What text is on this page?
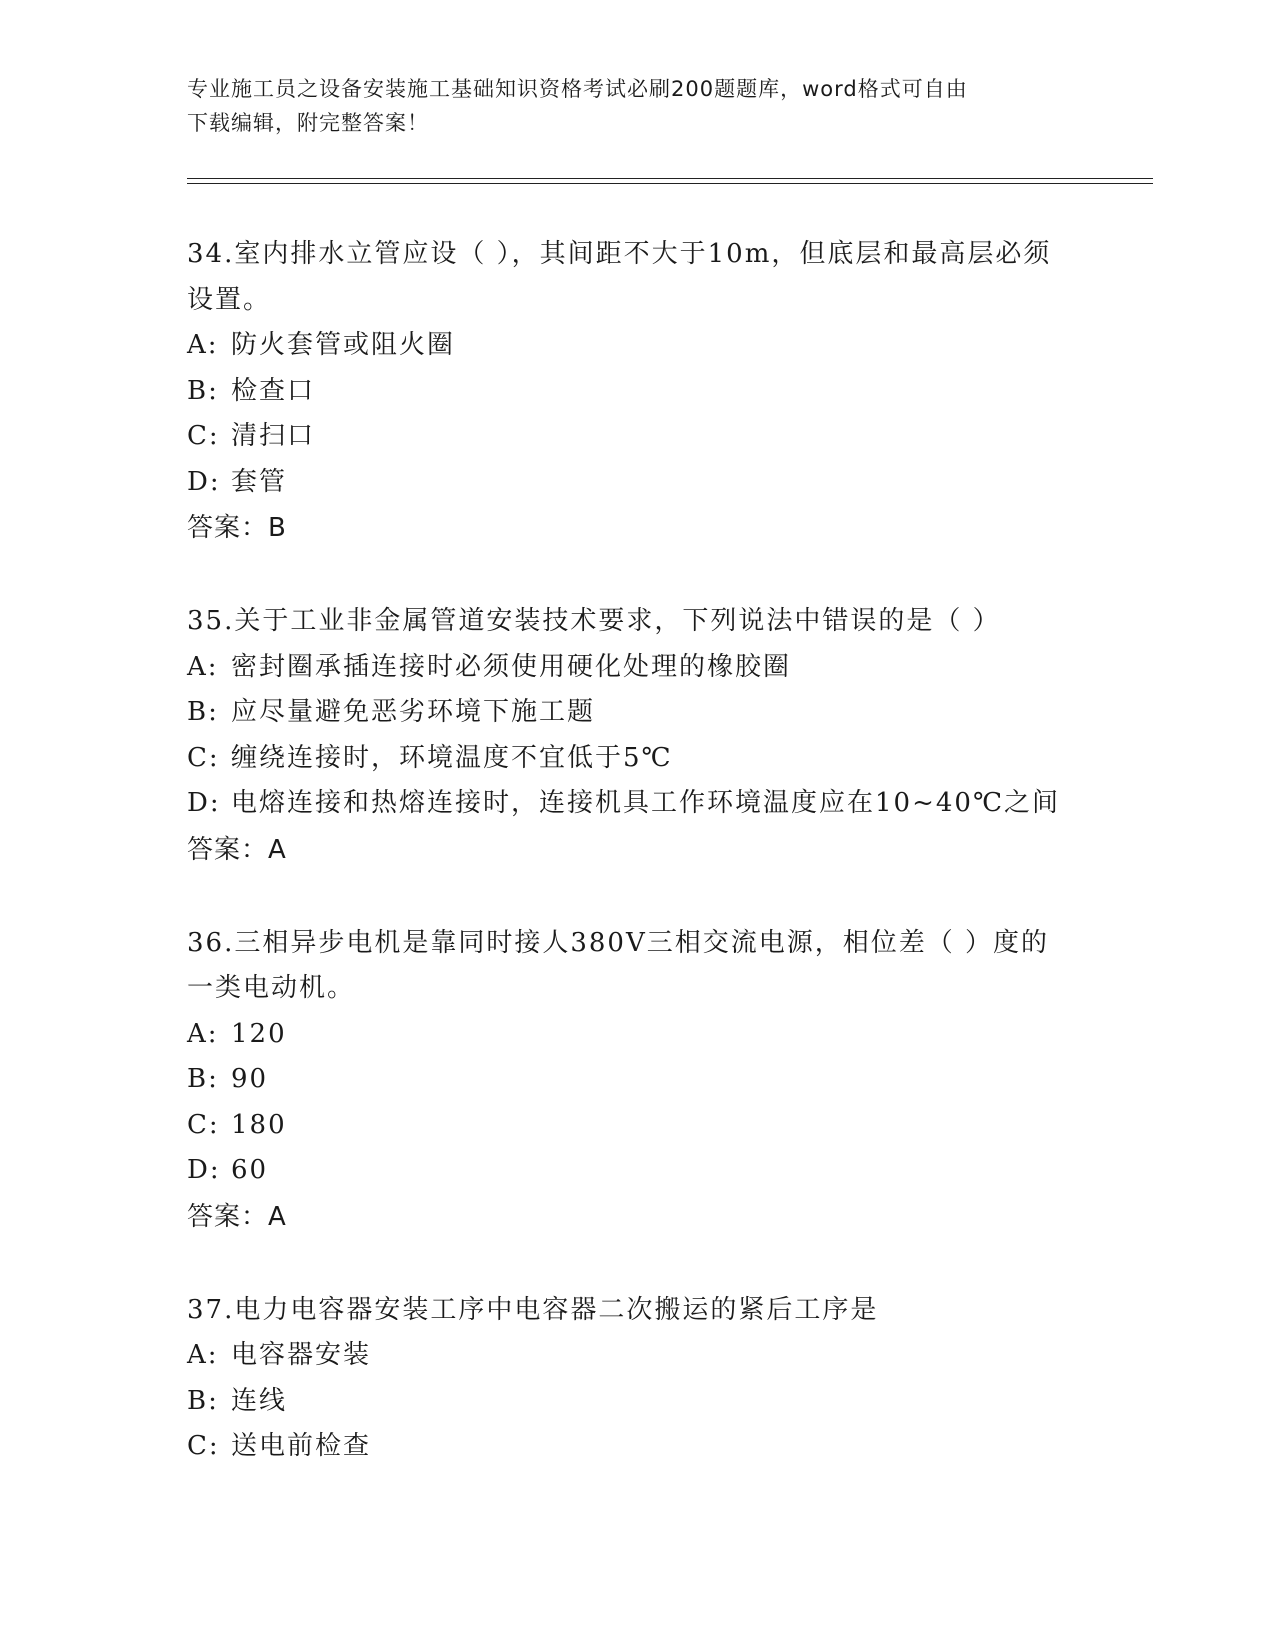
专业施工员之设备安装施工基础知识资格考试必刷200题题库，word格式可自由
下载编辑，附完整答案！

34.室内排水立管应设（ ），其间距不大于10m，但底层和最高层必须

设置。

A: 防火套管或阻火圈

B: 检查口

C: 清扫口

D: 套管

答案：B

35.关于工业非金属管道安装技术要求，下列说法中错误的是（ ）

A: 密封圈承插连接时必须使用硬化处理的橡胶圈

B: 应尽量避免恶劣环境下施工题

C: 缠绕连接时，环境温度不宜低于5℃

D: 电熔连接和热熔连接时，连接机具工作环境温度应在10~40℃之间

答案：A

36.三相异步电机是靠同时接人380V三相交流电源，相位差（ ）度的

一类电动机。

A: 120

B: 90

C: 180

D: 60

答案：A

37.电力电容器安装工序中电容器二次搬运的紧后工序是

A: 电容器安装

B: 连线

C: 送电前检查
